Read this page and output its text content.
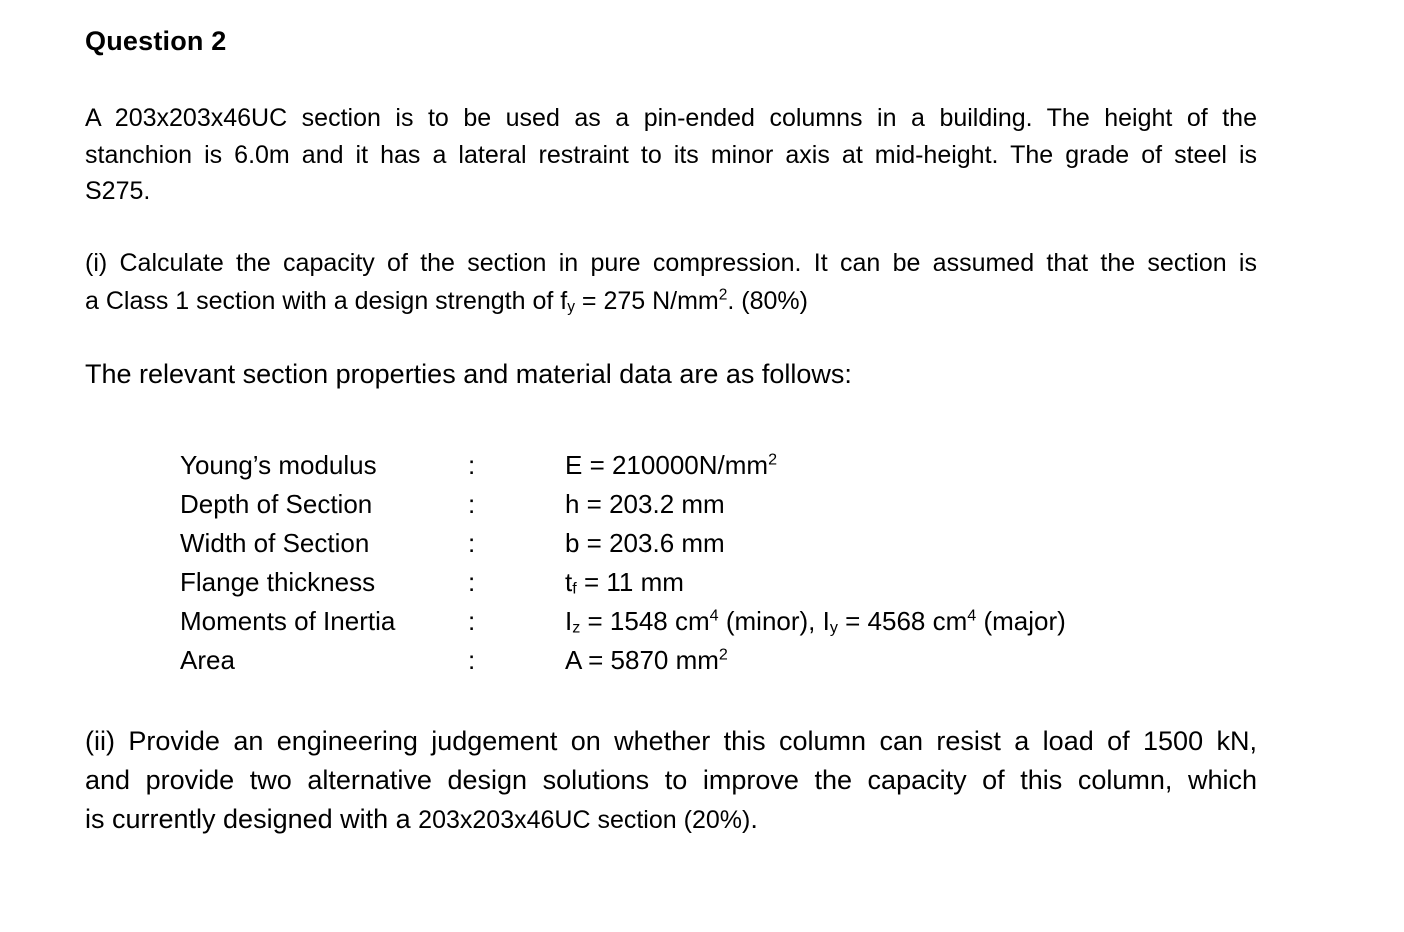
Question 2
A 203x203x46UC section is to be used as a pin-ended columns in a building. The height of the
stanchion is 6.0m and it has a lateral restraint to its minor axis at mid-height. The grade of steel is
S275.
(i) Calculate the capacity of the section in pure compression. It can be assumed that the section is
a Class 1 section with a design strength of $f_y = 275$ $N/mm^2$. (80%)
The relevant section properties and material data are as follows:
Young’s modulus	:	$E = 210000N/mm^2$
Depth of Section	:	h = 203.2 mm
Width of Section	:	b = 203.6 mm
Flange thickness	:	$t_f = 11$ mm
Moments of Inertia	:	$I_z = 1548$ $cm^4$ (minor), $I_y = 4568$ $cm^4$ (major)
Area	:	A = 5870 $mm^2$
(ii) Provide an engineering judgement on whether this column can resist a load of 1500 kN,
and provide two alternative design solutions to improve the capacity of this column, which
is currently designed with a 203x203x46UC section (20%).
